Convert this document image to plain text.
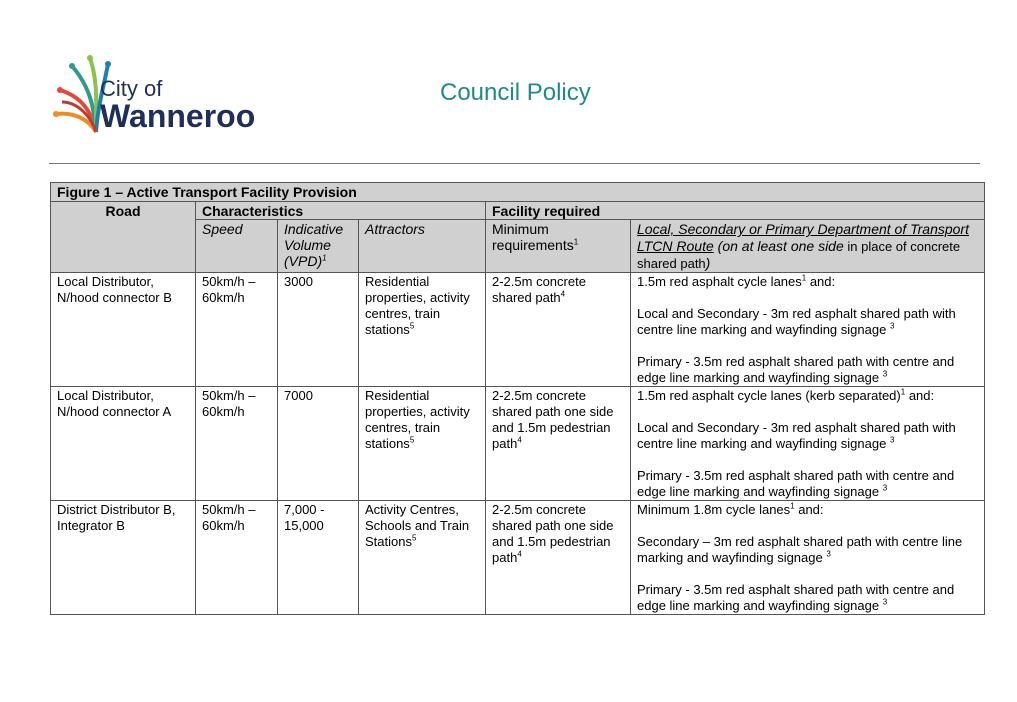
City of
Wanneroo
Council Policy
Figure 1 – Active Transport Facility Provision					
Road	Characteristics			Facility required	
	Speed	Indicative Volume (VPD)$^1$	Attractors	Minimum requirements$^1$	Local, Secondary or Primary Department of Transport LTCN Route (on at least one side in place of concrete shared path)
Local Distributor, N/hood connector B	50km/h – 60km/h	3000	Residential properties, activity centres, train stations$^5$	2-2.5m concrete shared path$^4$	1.5m red asphalt cycle lanes$^1$ and:
Local and Secondary - 3m red asphalt shared path with centre line marking and wayfinding signage $^3$
Primary - 3.5m red asphalt shared path with centre and edge line marking and wayfinding signage $^3$

Local Distributor, N/hood connector A	50km/h – 60km/h	7000	Residential properties, activity centres, train stations$^5$	2-2.5m concrete shared path one side and 1.5m pedestrian path$^4$	1.5m red asphalt cycle lanes (kerb separated)$^1$ and:
Local and Secondary - 3m red asphalt shared path with centre line marking and wayfinding signage $^3$
Primary - 3.5m red asphalt shared path with centre and edge line marking and wayfinding signage $^3$

District Distributor B, Integrator B	50km/h – 60km/h	7,000 - 15,000	Activity Centres, Schools and Train Stations$^5$	2-2.5m concrete shared path one side and 1.5m pedestrian path$^4$	Minimum 1.8m cycle lanes$^1$ and:
Secondary – 3m red asphalt shared path with centre line marking and wayfinding signage $^3$
Primary - 3.5m red asphalt shared path with centre and edge line marking and wayfinding signage $^3$
